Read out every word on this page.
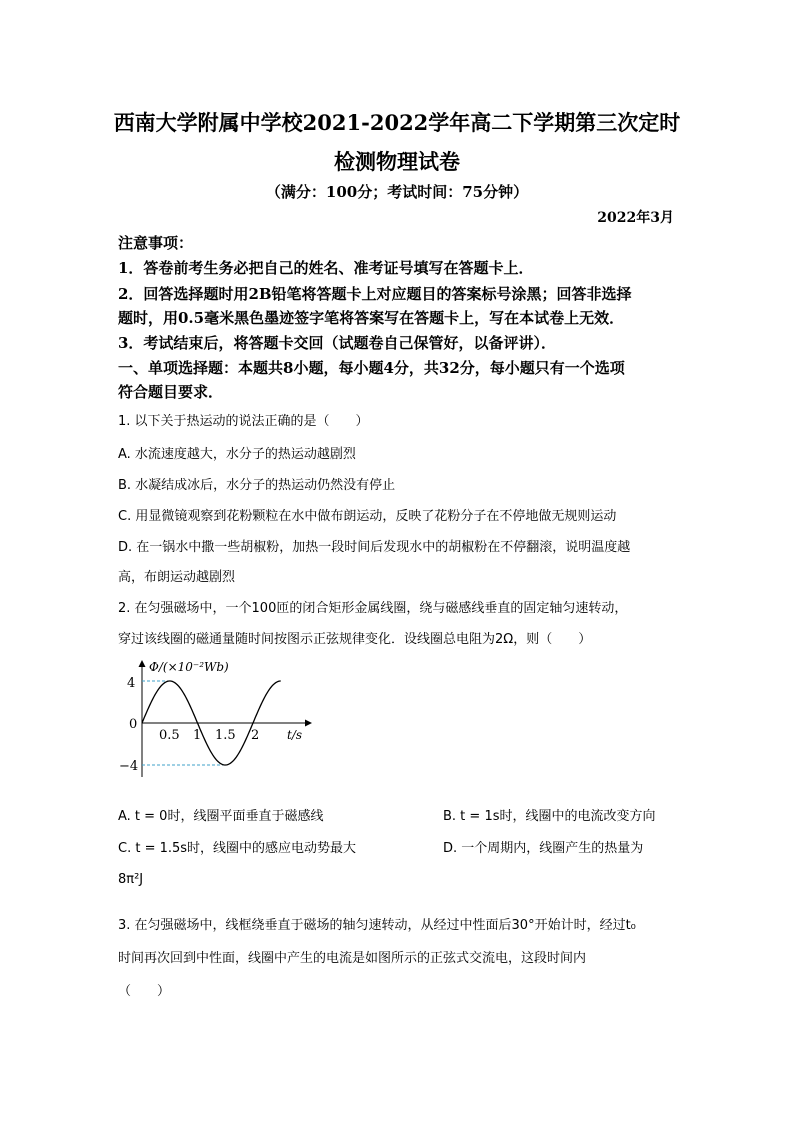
西南大学附属中学校2021-2022学年高二下学期第三次定时
检测物理试卷
（满分：100分；考试时间：75分钟）
2022年3月
注意事项：
1．答卷前考生务必把自己的姓名、准考证号填写在答题卡上．
2．回答选择题时用2B铅笔将答题卡上对应题目的答案标号涂黑；回答非选择
题时，用0.5毫米黑色墨迹签字笔将答案写在答题卡上，写在本试卷上无效．
3．考试结束后，将答题卡交回（试题卷自己保管好，以备评讲）．
一、单项选择题：本题共8小题，每小题4分，共32分，每小题只有一个选项
符合题目要求．
1. 以下关于热运动的说法正确的是（　　）
A. 水流速度越大，水分子的热运动越剧烈
B. 水凝结成冰后，水分子的热运动仍然没有停止
C. 用显微镜观察到花粉颗粒在水中做布朗运动，反映了花粉分子在不停地做无规则运动
D. 在一锅水中撒一些胡椒粉，加热一段时间后发现水中的胡椒粉在不停翻滚，说明温度越
高，布朗运动越剧烈
2. 在匀强磁场中，一个100匝的闭合矩形金属线圈，绕与磁感线垂直的固定轴匀速转动，
穿过该线圈的磁通量随时间按图示正弦规律变化．设线圈总电阻为2Ω，则（　　）
Φ/(×10⁻²Wb)
t/s
4
0
−4
0.5 1 1.5 2
A. t = 0时，线圈平面垂直于磁感线	B. t = 1s时，线圈中的电流改变方向
C. t = 1.5s时，线圈中的感应电动势最大	D. 一个周期内，线圈产生的热量为
8π²J
3. 在匀强磁场中，线框绕垂直于磁场的轴匀速转动，从经过中性面后30°开始计时，经过t₀
时间再次回到中性面，线圈中产生的电流是如图所示的正弦式交流电，这段时间内
（　　）
